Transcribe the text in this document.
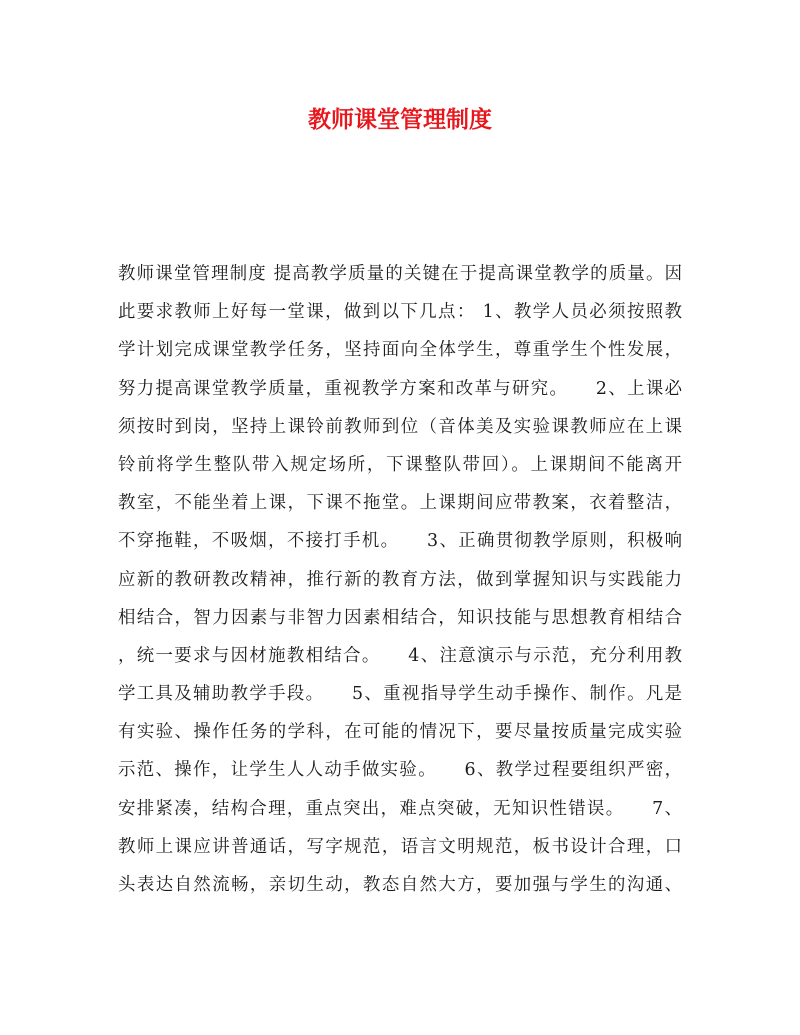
教师课堂管理制度
教师课堂管理制度 提高教学质量的关键在于提高课堂教学的质量。因
此要求教师上好每一堂课，做到以下几点： 1、教学人员必须按照教
学计划完成课堂教学任务，坚持面向全体学生，尊重学生个性发展，
努力提高课堂教学质量，重视教学方案和改革与研究。    2、上课必
须按时到岗，坚持上课铃前教师到位（音体美及实验课教师应在上课
铃前将学生整队带入规定场所，下课整队带回）。上课期间不能离开
教室，不能坐着上课，下课不拖堂。上课期间应带教案，衣着整洁，
不穿拖鞋，不吸烟，不接打手机。    3、正确贯彻教学原则，积极响
应新的教研教改精神，推行新的教育方法，做到掌握知识与实践能力
相结合，智力因素与非智力因素相结合，知识技能与思想教育相结合
，统一要求与因材施教相结合。    4、注意演示与示范，充分利用教
学工具及辅助教学手段。    5、重视指导学生动手操作、制作。凡是
有实验、操作任务的学科，在可能的情况下，要尽量按质量完成实验
示范、操作，让学生人人动手做实验。    6、教学过程要组织严密，
安排紧凑，结构合理，重点突出，难点突破，无知识性错误。    7、
教师上课应讲普通话，写字规范，语言文明规范，板书设计合理，口
头表达自然流畅，亲切生动，教态自然大方，要加强与学生的沟通、
